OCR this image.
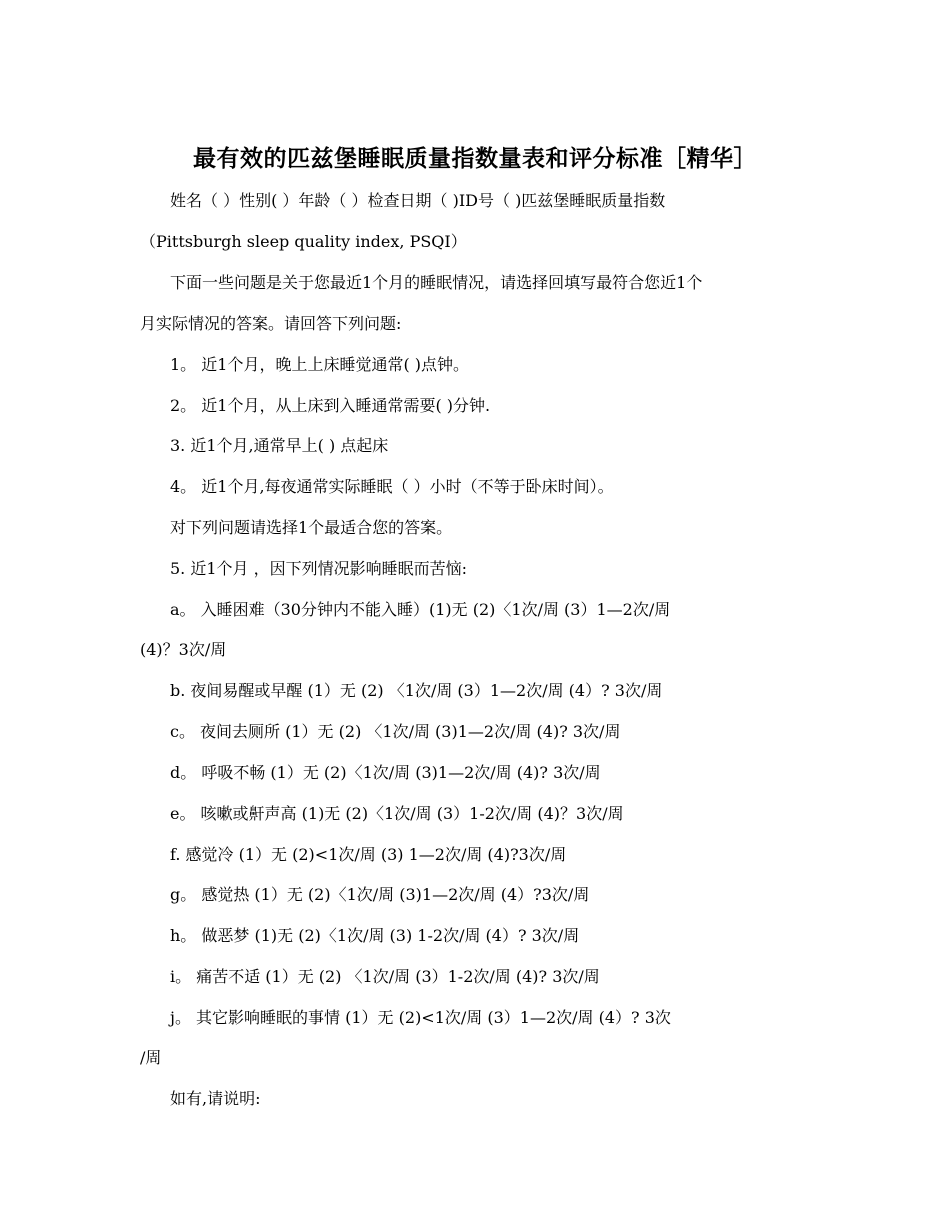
最有效的匹兹堡睡眠质量指数量表和评分标准［精华］
姓名（ ）性别( ）年龄（ ）检查日期（ )ID号（ )匹兹堡睡眠质量指数
（Pittsburgh sleep quality index, PSQI）
下面一些问题是关于您最近1个月的睡眠情况，请选择回填写最符合您近1个
月实际情况的答案。请回答下列问题:
1。 近1个月，晚上上床睡觉通常( )点钟。
2。 近1个月，从上床到入睡通常需要( )分钟.
3. 近1个月,通常早上( ) 点起床
4。 近1个月,每夜通常实际睡眠（ ）小时（不等于卧床时间）。
对下列问题请选择1个最适合您的答案。
5. 近1个月 ，因下列情况影响睡眠而苦恼:
a。 入睡困难（30分钟内不能入睡）(1)无 (2)〈1次/周 (3）1—2次/周
(4)？3次/周
b. 夜间易醒或早醒 (1）无 (2) 〈1次/周 (3）1—2次/周 (4）? 3次/周
c。 夜间去厕所 (1）无 (2) 〈1次/周 (3)1—2次/周 (4)? 3次/周
d。 呼吸不畅 (1）无 (2)〈1次/周 (3)1—2次/周 (4)? 3次/周
e。 咳嗽或鼾声高 (1)无 (2)〈1次/周 (3）1-2次/周 (4)？3次/周
f. 感觉冷 (1）无 (2)<1次/周 (3) 1—2次/周 (4)?3次/周
g。 感觉热 (1）无 (2)〈1次/周 (3)1—2次/周 (4）?3次/周
h。 做恶梦 (1)无 (2)〈1次/周 (3) 1-2次/周 (4）? 3次/周
i。 痛苦不适 (1）无 (2) 〈1次/周 (3）1-2次/周 (4)? 3次/周
j。 其它影响睡眠的事情 (1）无 (2)<1次/周 (3）1—2次/周 (4）? 3次
/周
如有,请说明:
